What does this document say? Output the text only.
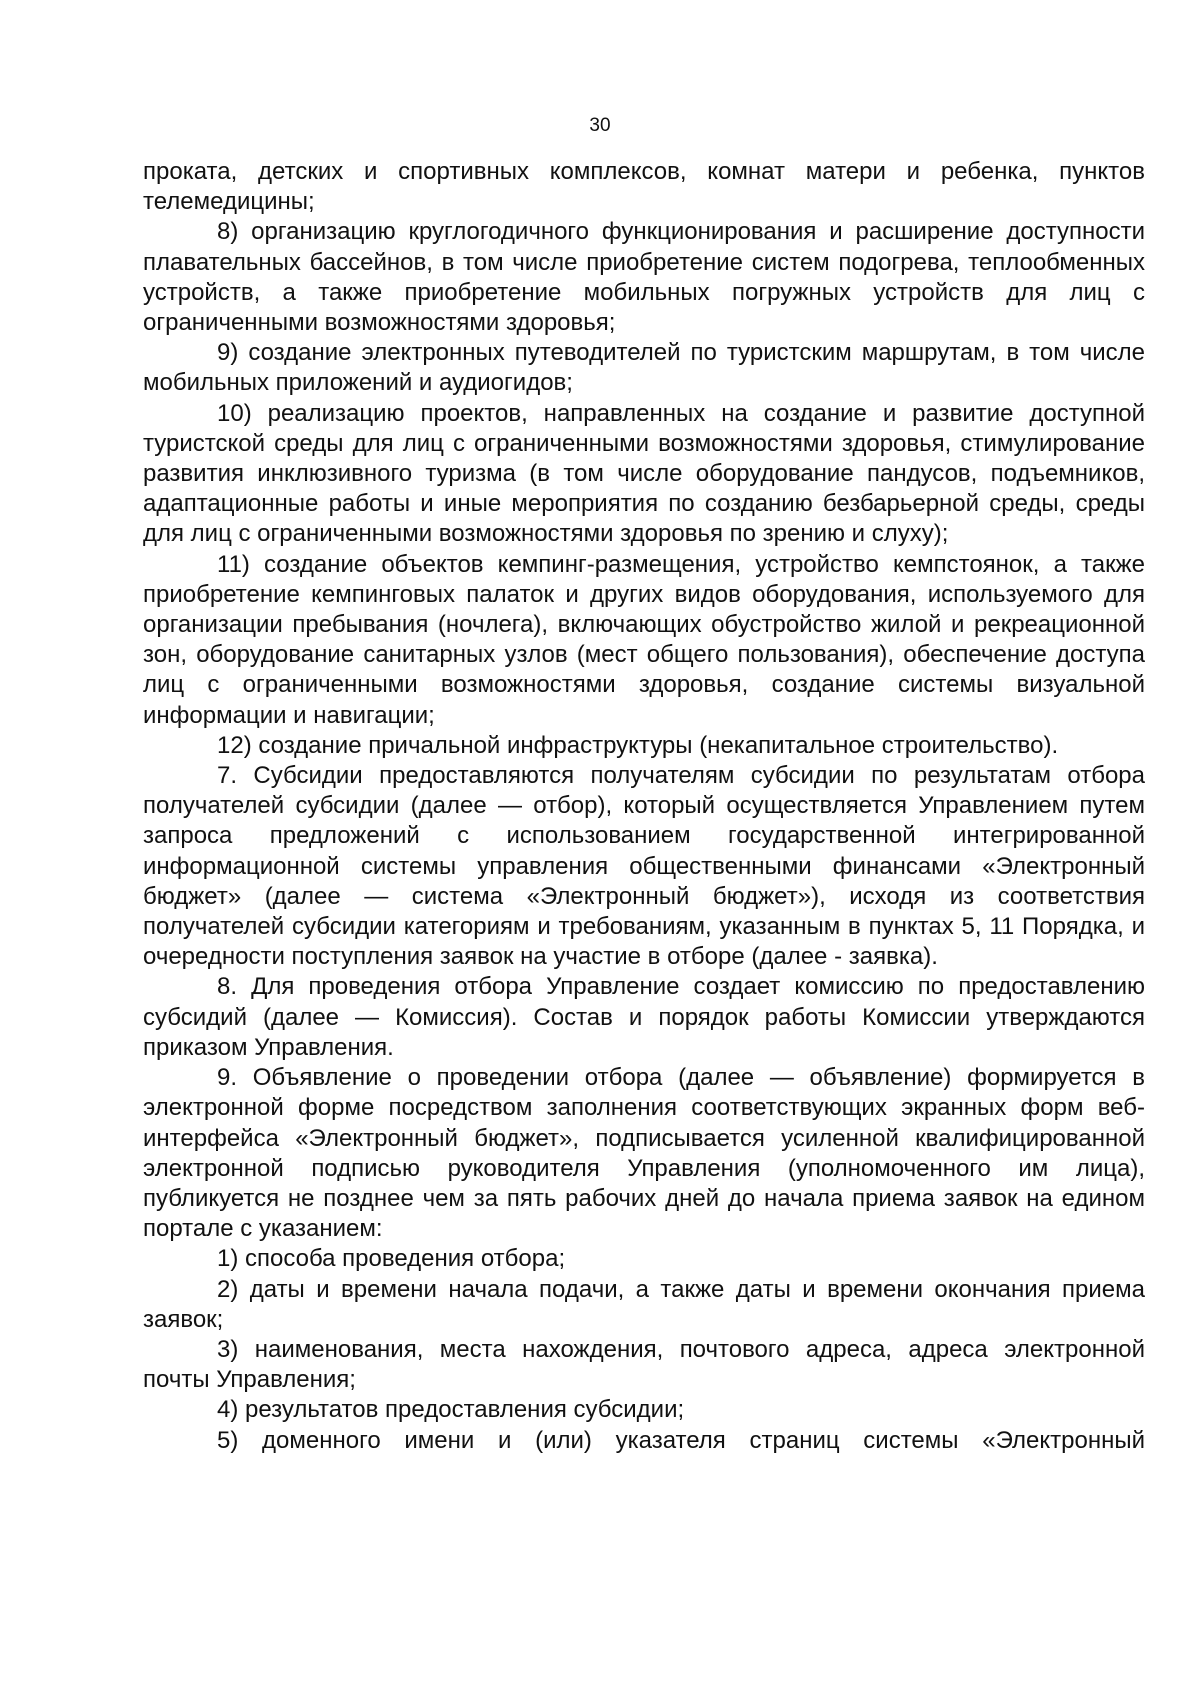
30

проката, детских и спортивных комплексов, комнат матери и ребенка, пунктов телемедицины;

8) организацию круглогодичного функционирования и расширение доступности плавательных бассейнов, в том числе приобретение систем подогрева, теплообменных устройств, а также приобретение мобильных погружных устройств для лиц с ограниченными возможностями здоровья;

9) создание электронных путеводителей по туристским маршрутам, в том числе мобильных приложений и аудиогидов;

10) реализацию проектов, направленных на создание и развитие доступной туристской среды для лиц с ограниченными возможностями здоровья, стимулирование развития инклюзивного туризма (в том числе оборудование пандусов, подъемников, адаптационные работы и иные мероприятия по созданию безбарьерной среды, среды для лиц с ограниченными возможностями здоровья по зрению и слуху);

11) создание объектов кемпинг-размещения, устройство кемпстоянок, а также приобретение кемпинговых палаток и других видов оборудования, используемого для организации пребывания (ночлега), включающих обустройство жилой и рекреационной зон, оборудование санитарных узлов (мест общего пользования), обеспечение доступа лиц с ограниченными возможностями здоровья, создание системы визуальной информации и навигации;

12) создание причальной инфраструктуры (некапитальное строительство).

7. Субсидии предоставляются получателям субсидии по результатам отбора получателей субсидии (далее — отбор), который осуществляется Управлением путем запроса предложений с использованием государственной интегрированной информационной системы управления общественными финансами «Электронный бюджет» (далее — система «Электронный бюджет»), исходя из соответствия получателей субсидии категориям и требованиям, указанным в пунктах 5, 11 Порядка, и очередности поступления заявок на участие в отборе (далее - заявка).

8. Для проведения отбора Управление создает комиссию по предоставлению субсидий (далее — Комиссия). Состав и порядок работы Комиссии утверждаются приказом Управления.

9. Объявление о проведении отбора (далее — объявление) формируется в электронной форме посредством заполнения соответствующих экранных форм веб-интерфейса «Электронный бюджет», подписывается усиленной квалифицированной электронной подписью руководителя Управления (уполномоченного им лица), публикуется не позднее чем за пять рабочих дней до начала приема заявок на едином портале с указанием:

1) способа проведения отбора;

2) даты и времени начала подачи, а также даты и времени окончания приема заявок;

3) наименования, места нахождения, почтового адреса, адреса электронной почты Управления;

4) результатов предоставления субсидии;

5) доменного имени и (или) указателя страниц системы «Электронный
